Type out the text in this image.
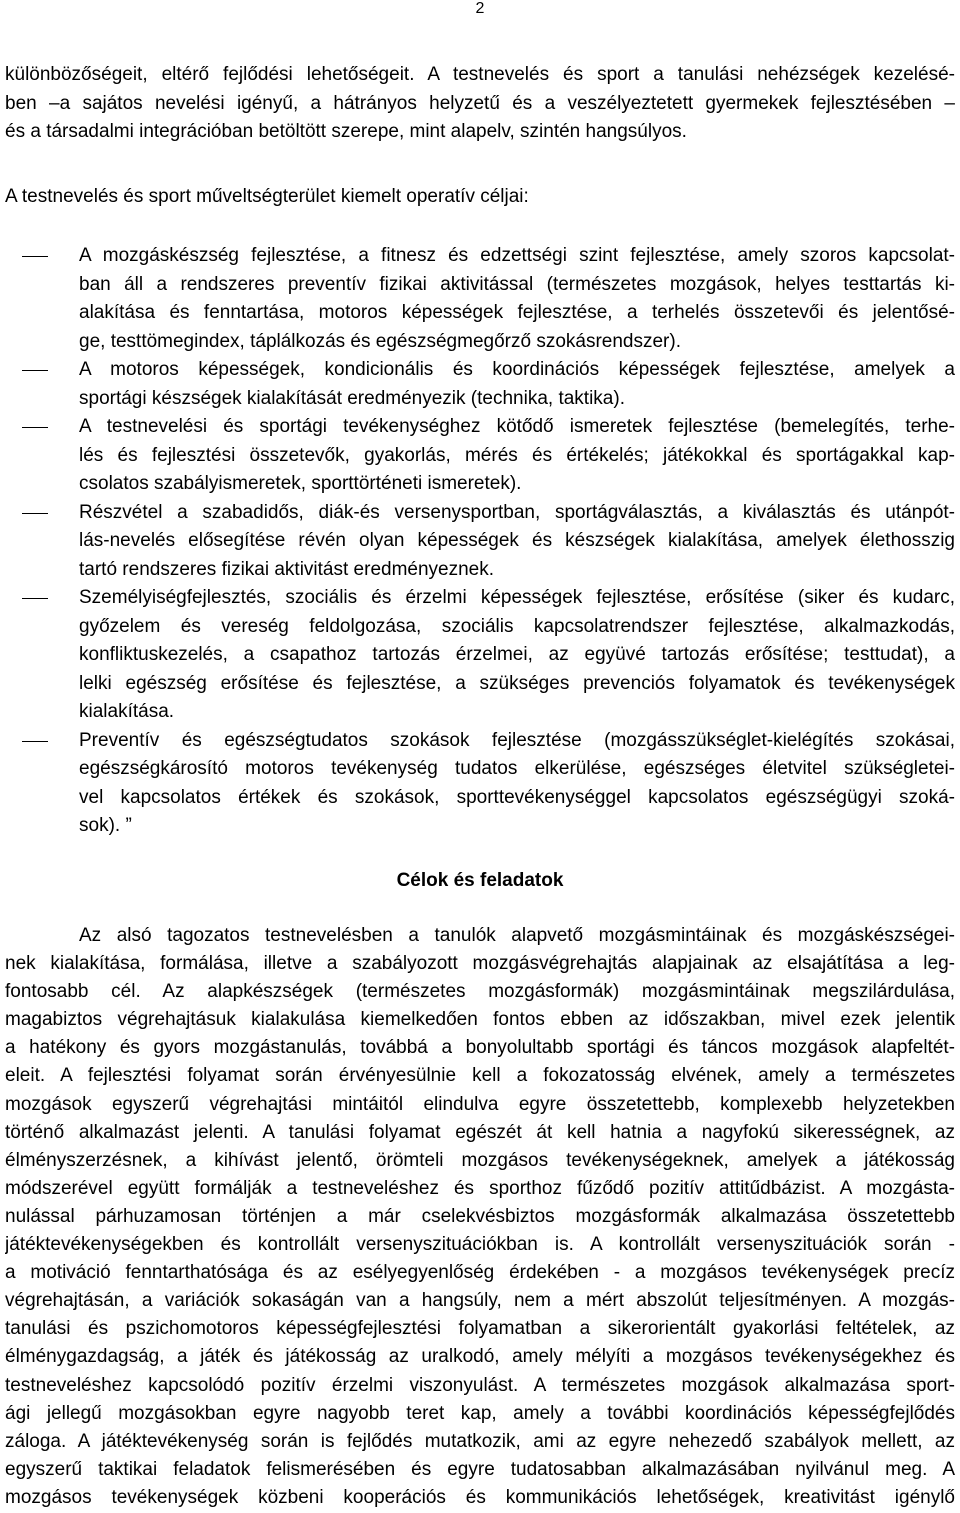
2
különbözőségeit, eltérő fejlődési lehetőségeit. A testnevelés és sport a tanulási nehézségek kezelésé-
ben –a sajátos nevelési igényű, a hátrányos helyzetű és a veszélyeztetett gyermekek fejlesztésében –
és a társadalmi integrációban betöltött szerepe, mint alapelv, szintén hangsúlyos.
A testnevelés és sport műveltségterület kiemelt operatív céljai:
A mozgáskészség fejlesztése, a fitnesz és edzettségi szint fejlesztése, amely szoros kapcsolat-
ban áll a rendszeres preventív fizikai aktivitással (természetes mozgások, helyes testtartás ki-
alakítása és fenntartása, motoros képességek fejlesztése, a terhelés összetevői és jelentősé-
ge, testtömegindex, táplálkozás és egészségmegőrző szokásrendszer).
A motoros képességek, kondicionális és koordinációs képességek fejlesztése, amelyek a
sportági készségek kialakítását eredményezik (technika, taktika).
A testnevelési és sportági tevékenységhez kötődő ismeretek fejlesztése (bemelegítés, terhe-
lés és fejlesztési összetevők, gyakorlás, mérés és értékelés; játékokkal és sportágakkal kap-
csolatos szabályismeretek, sporttörténeti ismeretek).
Részvétel a szabadidős, diák-és versenysportban, sportágválasztás, a kiválasztás és utánpót-
lás-nevelés elősegítése révén olyan képességek és készségek kialakítása, amelyek élethosszig
tartó rendszeres fizikai aktivitást eredményeznek.
Személyiségfejlesztés, szociális és érzelmi képességek fejlesztése, erősítése (siker és kudarc,
győzelem és vereség feldolgozása, szociális kapcsolatrendszer fejlesztése, alkalmazkodás,
konfliktuskezelés, a csapathoz tartozás érzelmei, az együvé tartozás erősítése; testtudat), a
lelki egészség erősítése és fejlesztése, a szükséges prevenciós folyamatok és tevékenységek
kialakítása.
Preventív és egészségtudatos szokások fejlesztése (mozgásszükséglet-kielégítés szokásai,
egészségkárosító motoros tevékenység tudatos elkerülése, egészséges életvitel szükségletei-
vel kapcsolatos értékek és szokások, sporttevékenységgel kapcsolatos egészségügyi szoká-
sok). ”
Célok és feladatok
Az alsó tagozatos testnevelésben a tanulók alapvető mozgásmintáinak és mozgáskészségei-
nek kialakítása, formálása, illetve a szabályozott mozgásvégrehajtás alapjainak az elsajátítása a leg-
fontosabb cél. Az alapkészségek (természetes mozgásformák) mozgásmintáinak megszilárdulása,
magabiztos végrehajtásuk kialakulása kiemelkedően fontos ebben az időszakban, mivel ezek jelentik
a hatékony és gyors mozgástanulás, továbbá a bonyolultabb sportági és táncos mozgások alapfeltét-
eleit. A fejlesztési folyamat során érvényesülnie kell a fokozatosság elvének, amely a természetes
mozgások egyszerű végrehajtási mintáitól elindulva egyre összetettebb, komplexebb helyzetekben
történő alkalmazást jelenti. A tanulási folyamat egészét át kell hatnia a nagyfokú sikerességnek, az
élményszerzésnek, a kihívást jelentő, örömteli mozgásos tevékenységeknek, amelyek a játékosság
módszerével együtt formálják a testneveléshez és sporthoz fűződő pozitív attitűdbázist. A mozgásta-
nulással párhuzamosan történjen a már cselekvésbiztos mozgásformák alkalmazása összetettebb
játéktevékenységekben és kontrollált versenyszituációkban is. A kontrollált versenyszituációk során -
a motiváció fenntarthatósága és az esélyegyenlőség érdekében - a mozgásos tevékenységek precíz
végrehajtásán, a variációk sokaságán van a hangsúly, nem a mért abszolút teljesítményen. A mozgás-
tanulási és pszichomotoros képességfejlesztési folyamatban a sikerorientált gyakorlási feltételek, az
élménygazdagság, a játék és játékosság az uralkodó, amely mélyíti a mozgásos tevékenységekhez és
testneveléshez kapcsolódó pozitív érzelmi viszonyulást. A természetes mozgások alkalmazása sport-
ági jellegű mozgásokban egyre nagyobb teret kap, amely a további koordinációs képességfejlődés
záloga. A játéktevékenység során is fejlődés mutatkozik, ami az egyre nehezedő szabályok mellett, az
egyszerű taktikai feladatok felismerésében és egyre tudatosabban alkalmazásában nyilvánul meg. A
mozgásos tevékenységek közbeni kooperációs és kommunikációs lehetőségek, kreativitást igénylő
